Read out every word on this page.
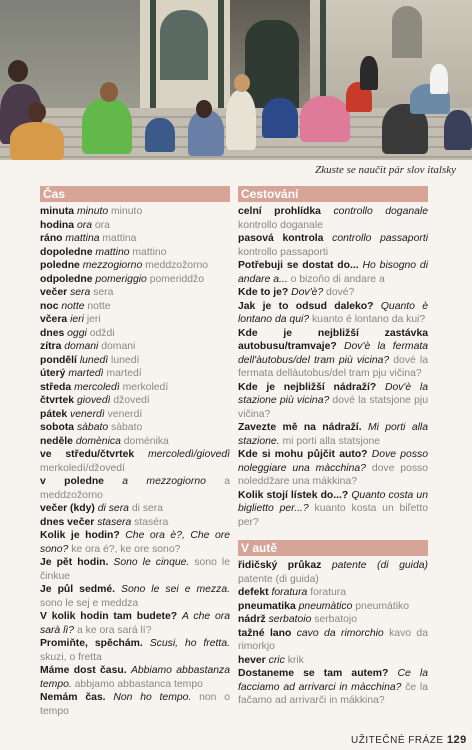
Zkuste se naučit pár slov italsky
Čas

minuta minuto minuto

hodina ora ora

ráno mattina mattina

dopoledne mattino mattino

poledne mezzogiorno meddzožorno

odpoledne pomeriggio pomeriddžo

večer sera sera

noc notte notte

včera ieri jeri

dnes oggi odždi

zítra domani domani

pondělí lunedì lunedí

úterý martedì martedí

středa mercoledì merkoledí

čtvrtek giovedì džovedí

pátek venerdì venerdí

sobota sàbato sàbato

neděle domènica doménika

ve středu/čtvrtek mercoledì/giovedì merkoledí/džovedí

v poledne a mezzogiorno a meddzožorno

večer (kdy) di sera di sera

dnes večer stasera staséra

Kolik je hodin? Che ora è?, Che ore sono? ke ora é?, ke ore sono?

Je pět hodin. Sono le cinque. sono le činkue

Je půl sedmé. Sono le sei e mezza. sono le sej e meddza

V kolik hodin tam budete? A che ora sarà lì? a ke ora sará lí?

Promiňte, spěchám. Scusi, ho fretta. skuzi, o fretta

Máme dost času. Abbiamo abbastanza tempo. abbjamo abbastanca tempo

Nemám čas. Non ho tempo. non o tempo

Cestování

celní prohlídka controllo doganale kontrollo doganale

pasová kontrola controllo passaporti kontrollo passaporti

Potřebuji se dostat do... Ho bisogno di andare a... o bizoňo di andare a

Kde to je? Dov'è? dové?

Jak je to odsud daleko? Quanto è lontano da qui? kuanto é lontano da kui?

Kde je nejbližší zastávka autobusu/tramvaje? Dov'è la fermata dell'àutobus/del tram più vicina? dové la fermata dellàutobus/del tram pju vičina?

Kde je nejbližší nádraží? Dov'è la stazione più vicina? dové la statsjone pju vičina?

Zavezte mě na nádraží. Mi porti alla stazione. mi porti alla statsjone

Kde si mohu půjčit auto? Dove posso noleggiare una màcchina? dove posso noleddžare una mákkina?

Kolik stojí lístek do...? Quanto costa un biglietto per...? kuanto kosta un biľetto per?

V autě

řidičský průkaz patente (di guida) patente (di guida)

defekt foratura foratura

pneumatika pneumàtico pneumátiko

nádrž serbatoio serbatojo

tažné lano cavo da rimorchio kavo da rimorkjo

hever cric krik

Dostaneme se tam autem? Ce la facciamo ad arrivarci in màcchina? če la fačamo ad arrivarči in mákkina?

UŽITEČNÉ FRÁZE 129
